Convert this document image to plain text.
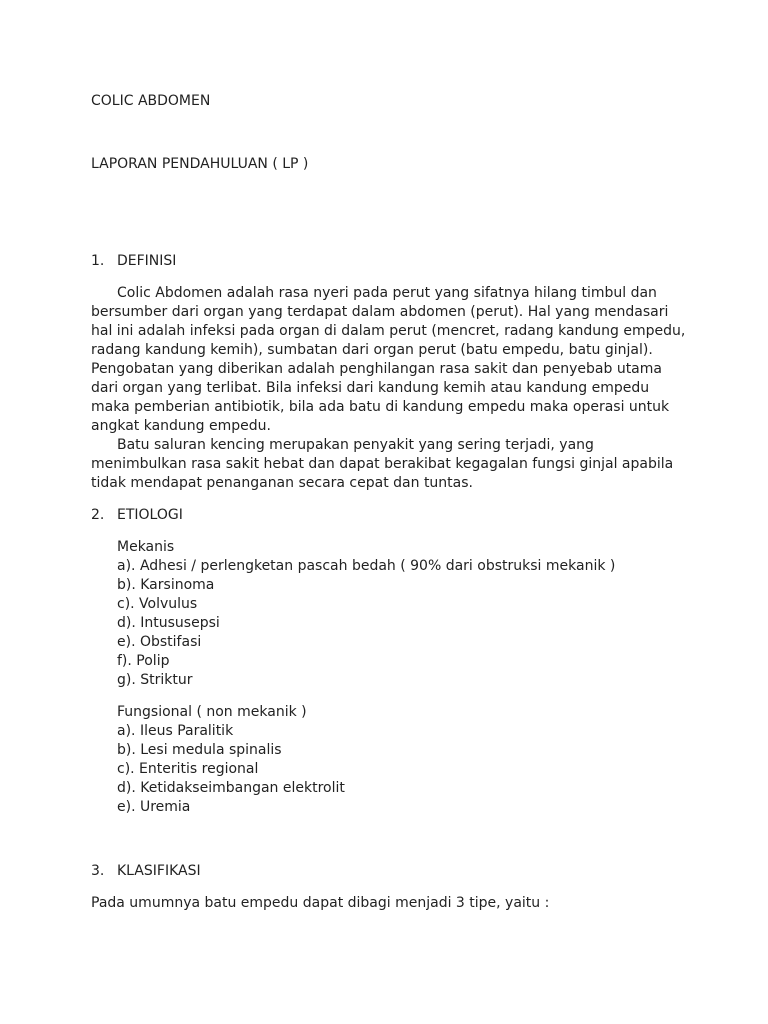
COLIC ABDOMEN
LAPORAN PENDAHULUAN ( LP )
1. DEFINISI
Colic Abdomen adalah rasa nyeri pada perut yang sifatnya hilang timbul dan
bersumber dari organ yang terdapat dalam abdomen (perut). Hal yang mendasari
hal ini adalah infeksi pada organ di dalam perut (mencret, radang kandung empedu,
radang kandung kemih), sumbatan dari organ perut (batu empedu, batu ginjal).
Pengobatan yang diberikan adalah penghilangan rasa sakit dan penyebab utama
dari organ yang terlibat. Bila infeksi dari kandung kemih atau kandung empedu
maka pemberian antibiotik, bila ada batu di kandung empedu maka operasi untuk
angkat kandung empedu.
Batu saluran kencing merupakan penyakit yang sering terjadi, yang
menimbulkan rasa sakit hebat dan dapat berakibat kegagalan fungsi ginjal apabila
tidak mendapat penanganan secara cepat dan tuntas.
2. ETIOLOGI
Mekanis
a). Adhesi / perlengketan pascah bedah ( 90% dari obstruksi mekanik )
b). Karsinoma
c). Volvulus
d). Intususepsi
e). Obstifasi
f). Polip
g). Striktur
Fungsional ( non mekanik )
a). Ileus Paralitik
b). Lesi medula spinalis
c). Enteritis regional
d). Ketidakseimbangan elektrolit
e). Uremia
3. KLASIFIKASI
Pada umumnya batu empedu dapat dibagi menjadi 3 tipe, yaitu :
